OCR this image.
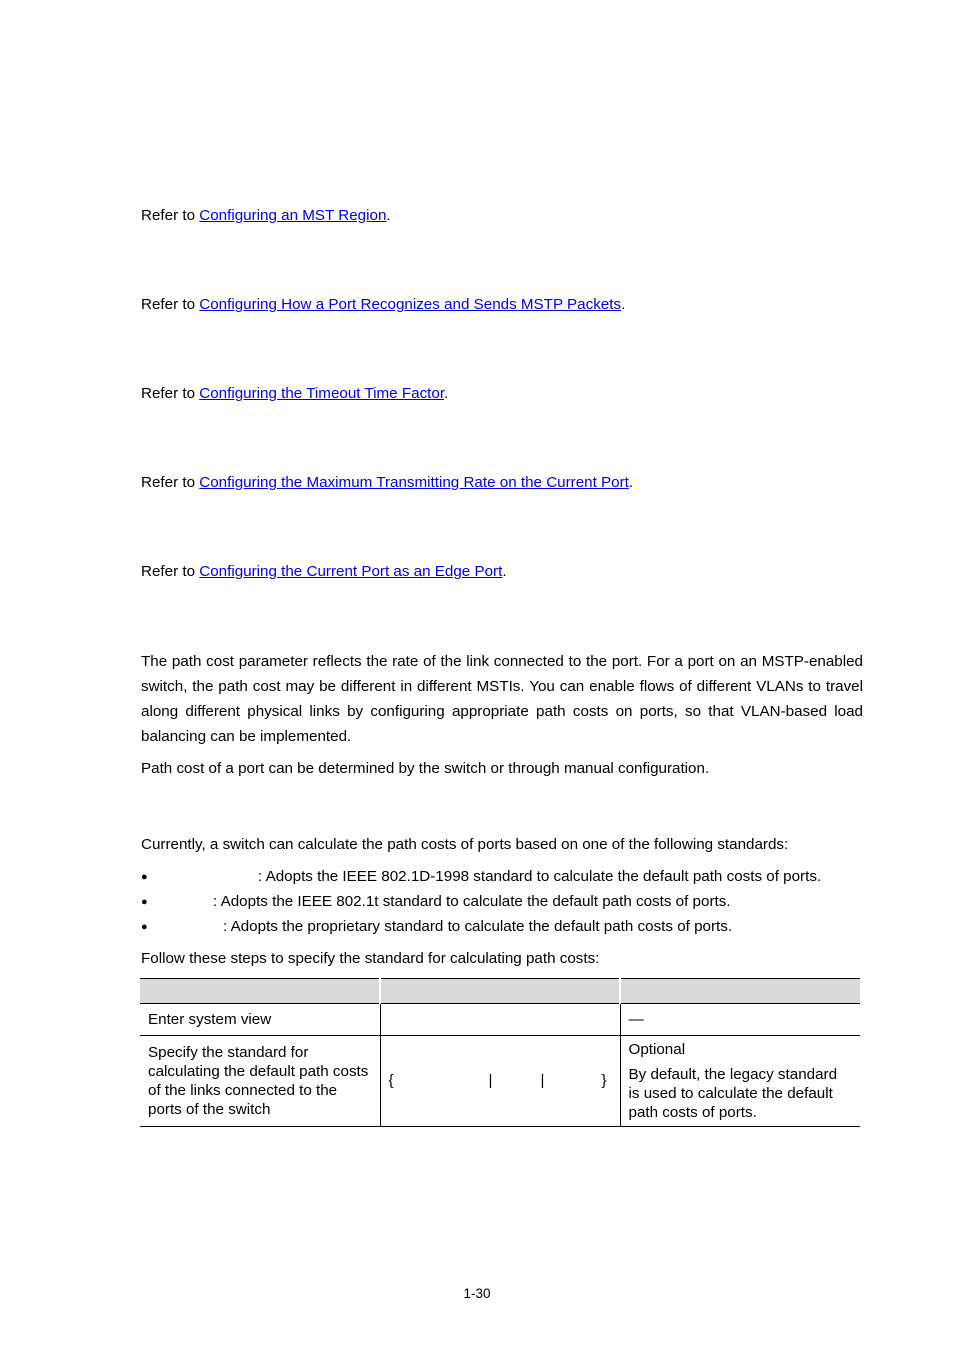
Refer to Configuring an MST Region.
Refer to Configuring How a Port Recognizes and Sends MSTP Packets.
Refer to Configuring the Timeout Time Factor.
Refer to Configuring the Maximum Transmitting Rate on the Current Port.
Refer to Configuring the Current Port as an Edge Port.

The path cost parameter reflects the rate of the link connected to the port. For a port on an MSTP-enabled switch, the path cost may be different in different MSTIs. You can enable flows of different VLANs to travel along different physical links by configuring appropriate path costs on ports, so that VLAN-based load balancing can be implemented.

Path cost of a port can be determined by the switch or through manual configuration.
Currently, a switch can calculate the path costs of ports based on one of the following standards:
●	: Adopts the IEEE 802.1D-1998 standard to calculate the default path costs of ports.
●	: Adopts the IEEE 802.1t standard to calculate the default path costs of ports.
●	: Adopts the proprietary standard to calculate the default path costs of ports.
Follow these steps to specify the standard for calculating path costs:

Enter system view		—
Specify the standard for calculating the default path costs of the links connected to the ports of the switch	{ | | }	Optional
By default, the legacy standard is used to calculate the default path costs of ports.
1-30
